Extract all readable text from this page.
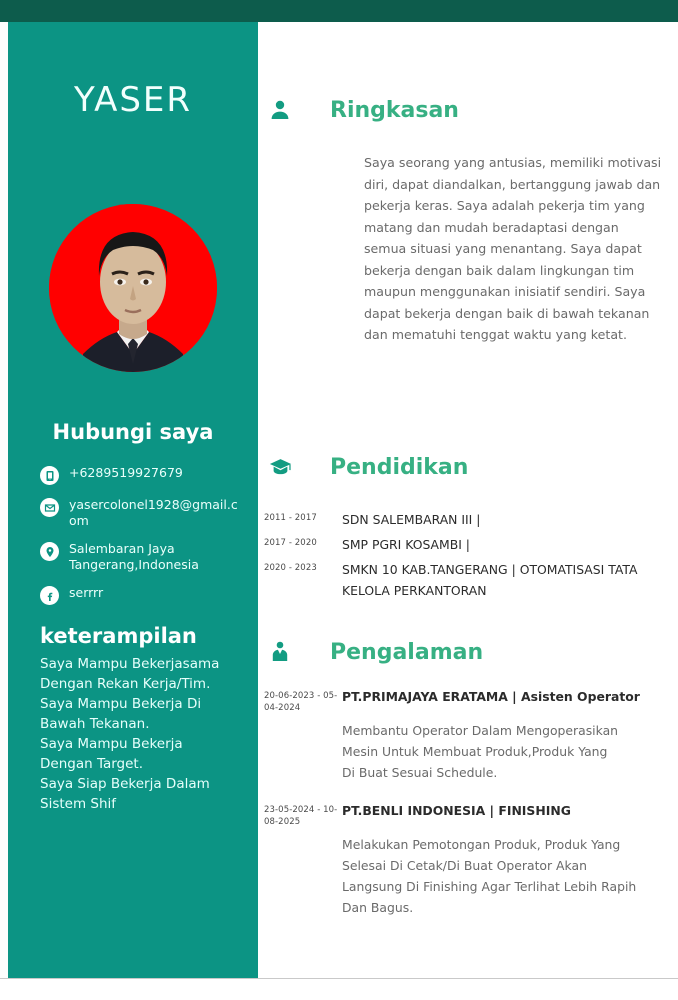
YASER
Hubungi saya
+6289519927679
yasercolonel1928@gmail.com
Salembaran Jaya Tangerang,Indonesia
serrrr
keterampilan
Saya Mampu Bekerjasama
Dengan Rekan Kerja/Tim.
Saya Mampu Bekerja Di
Bawah Tekanan.
Saya Mampu Bekerja
Dengan Target.
Saya Siap Bekerja Dalam
Sistem Shif
Ringkasan
Saya seorang yang antusias, memiliki motivasi diri, dapat diandalkan, bertanggung jawab dan pekerja keras. Saya adalah pekerja tim yang matang dan mudah beradaptasi dengan semua situasi yang menantang. Saya dapat bekerja dengan baik dalam lingkungan tim maupun menggunakan inisiatif sendiri. Saya dapat bekerja dengan baik di bawah tekanan dan mematuhi tenggat waktu yang ketat.
Pendidikan
2011 - 2017	SDN SALEMBARAN III |
2017 - 2020	SMP PGRI KOSAMBI |
2020 - 2023	SMKN 10 KAB.TANGERANG | OTOMATISASI TATA KELOLA PERKANTORAN
Pengalaman
20-06-2023 - 05-04-2024
PT.PRIMAJAYA ERATAMA | Asisten Operator
Membantu Operator Dalam Mengoperasikan Mesin Untuk Membuat Produk,Produk Yang Di Buat Sesuai Schedule.
23-05-2024 - 10-08-2025
PT.BENLI INDONESIA | FINISHING
Melakukan Pemotongan Produk, Produk Yang Selesai Di Cetak/Di Buat Operator Akan Langsung Di Finishing Agar Terlihat Lebih Rapih Dan Bagus.
